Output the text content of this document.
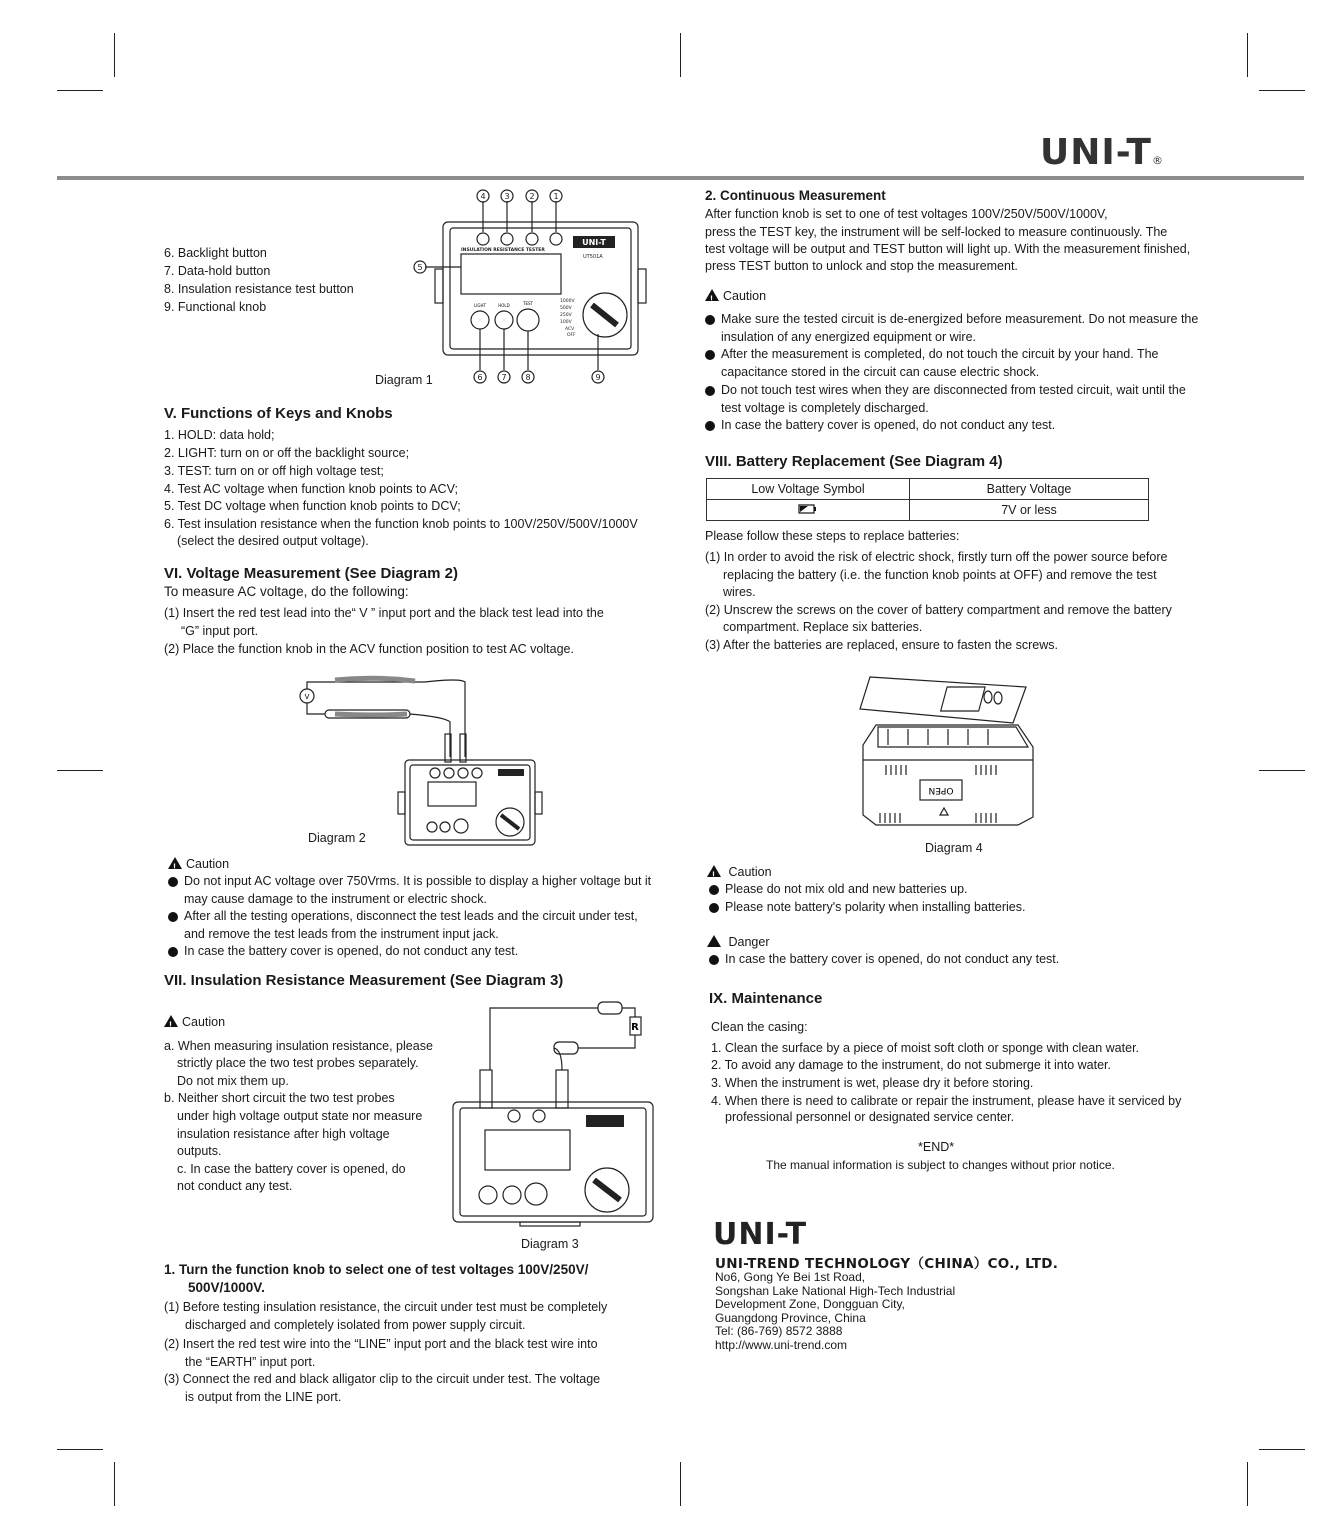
UNI-T®
6. Backlight button
7. Data-hold button
8. Insulation resistance test button
9. Functional knob
UNI-T
UT501A
INSULATION RESISTANCE TESTER
LIGHT	HOLD	TEST	1000V
500V
250V
100V
ACV
OFF
4 3 2 1
5
6 7 8	9
Diagram 1
V. Functions of Keys and Knobs
1. HOLD: data hold;
2. LIGHT: turn on or off the backlight source;
3. TEST: turn on or off high voltage test;
4. Test AC voltage when function knob points to ACV;
5. Test DC voltage when function knob points to DCV;
6. Test insulation resistance when the function knob points to 100V/250V/500V/1000V
(select the desired output voltage).
VI. Voltage Measurement (See Diagram 2)
To measure AC voltage, do the following:
(1) Insert the red test lead into the“ V ” input port and the black test lead into the
“G” input port.
(2) Place the function knob in the ACV function position to test AC voltage.
V
Diagram 2
!Caution
Do not input AC voltage over 750Vrms. It is possible to display a higher voltage but it may cause damage to the instrument or electric shock.
After all the testing operations, disconnect the test leads and the circuit under test, and remove the test leads from the instrument input jack.
In case the battery cover is opened, do not conduct any test.
VII. Insulation Resistance Measurement (See Diagram 3)
!Caution
a. When measuring insulation resistance, please
strictly place the two test probes separately.
Do not mix them up.
b. Neither short circuit the two test probes
under high voltage output state nor measure
insulation resistance after high voltage
outputs.
c. In case the battery cover is opened, do
not conduct any test.
R
Diagram 3
1. Turn the function knob to select one of test voltages 100V/250V/
500V/1000V.
(1) Before testing insulation resistance, the circuit under test must be completely
discharged and completely isolated from power supply circuit.
(2) Insert the red test wire into the “LINE” input port and the black test wire into
the “EARTH” input port.
(3) Connect the red and black alligator clip to the circuit under test. The voltage
is output from the LINE port.
2. Continuous Measurement
After function knob is set to one of test voltages 100V/250V/500V/1000V,
press the TEST key, the instrument will be self-locked to measure continuously. The
test voltage will be output and TEST button will light up. With the measurement finished,
press TEST button to unlock and stop the measurement.
!Caution
Make sure the tested circuit is de-energized before measurement. Do not measure the insulation of any energized equipment or wire.
After the measurement is completed, do not touch the circuit by your hand. The capacitance stored in the circuit can cause electric shock.
Do not touch test wires when they are disconnected from tested circuit, wait until the test voltage is completely discharged.
In case the battery cover is opened, do not conduct any test.
VIII. Battery Replacement (See Diagram 4)
Low Voltage Symbol	Battery Voltage
	7V or less
Please follow these steps to replace batteries:
(1) In order to avoid the risk of electric shock, firstly turn off the power source before
replacing the battery (i.e. the function knob points at OFF) and remove the test
wires.
(2) Unscrew the screws on the cover of battery compartment and remove the battery
compartment. Replace six batteries.
(3) After the batteries are replaced, ensure to fasten the screws.
OPEN
Diagram 4
! Caution
Please do not mix old and new batteries up.
Please note battery's polarity when installing batteries.
Danger
In case the battery cover is opened, do not conduct any test.
IX. Maintenance
Clean the casing:
1. Clean the surface by a piece of moist soft cloth or sponge with clean water.
2. To avoid any damage to the instrument, do not submerge it into water.
3. When the instrument is wet, please dry it before storing.
4. When there is need to calibrate or repair the instrument, please have it serviced by
professional personnel or designated service center.
*END*
The manual information is subject to changes without prior notice.
UNI-T
UNI-TREND TECHNOLOGY（CHINA）CO., LTD.
No6, Gong Ye Bei 1st Road,
Songshan Lake National High-Tech Industrial
Development Zone, Dongguan City,
Guangdong Province, China
Tel: (86-769) 8572 3888
http://www.uni-trend.com
